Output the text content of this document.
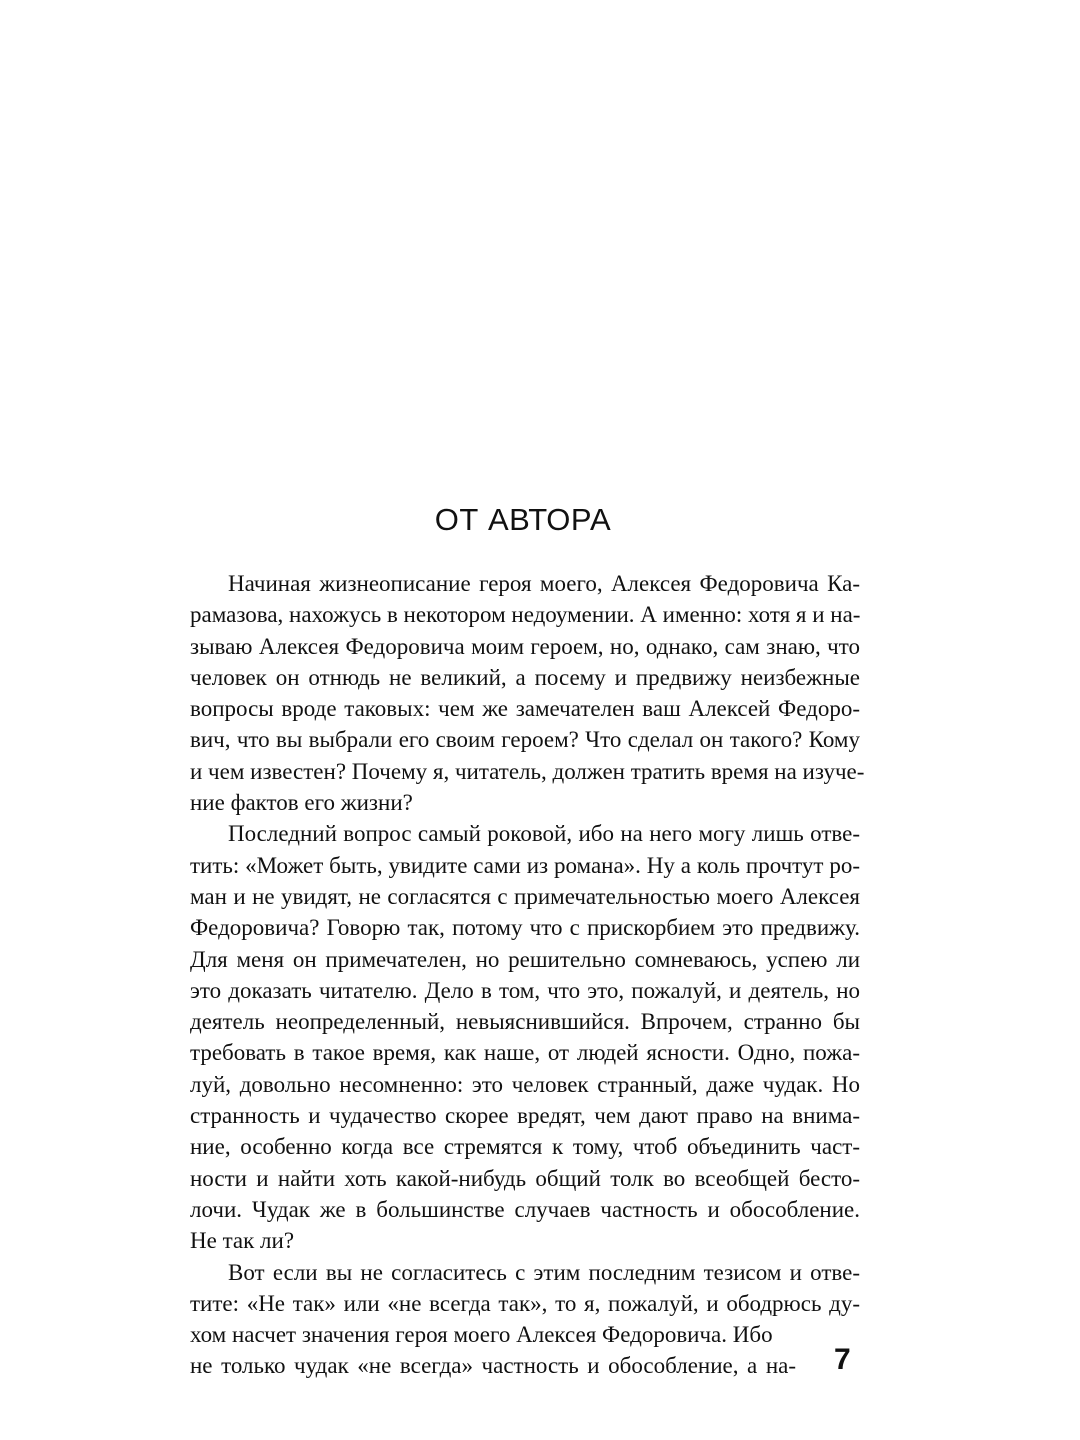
ОТ АВТОРА
Начиная жизнеописание героя моего, Алексея Федоровича Ка-
рамазова, нахожусь в некотором недоумении. А именно: хотя я и на-
зываю Алексея Федоровича моим героем, но, однако, сам знаю, что
человек он отнюдь не великий, а посему и предвижу неизбежные
вопросы вроде таковых: чем же замечателен ваш Алексей Федоро-
вич, что вы выбрали его своим героем? Что сделал он такого? Кому
и чем известен? Почему я, читатель, должен тратить время на изуче-
ние фактов его жизни?
Последний вопрос самый роковой, ибо на него могу лишь отве-
тить: «Может быть, увидите сами из романа». Ну а коль прочтут ро-
ман и не увидят, не согласятся с примечательностью моего Алексея
Федоровича? Говорю так, потому что с прискорбием это предвижу.
Для меня он примечателен, но решительно сомневаюсь, успею ли
это доказать читателю. Дело в том, что это, пожалуй, и деятель, но
деятель неопределенный, невыяснившийся. Впрочем, странно бы
требовать в такое время, как наше, от людей ясности. Одно, пожа-
луй, довольно несомненно: это человек странный, даже чудак. Но
странность и чудачество скорее вредят, чем дают право на внима-
ние, особенно когда все стремятся к тому, чтоб объединить част-
ности и найти хоть какой-нибудь общий толк во всеобщей бесто-
лочи. Чудак же в большинстве случаев частность и обособление.
Не так ли?
Вот если вы не согласитесь с этим последним тезисом и отве-
тите: «Не так» или «не всегда так», то я, пожалуй, и ободрюсь ду-
хом насчет значения героя моего Алексея Федоровича. Ибо
не только чудак «не всегда» частность и обособление, а на- 7
